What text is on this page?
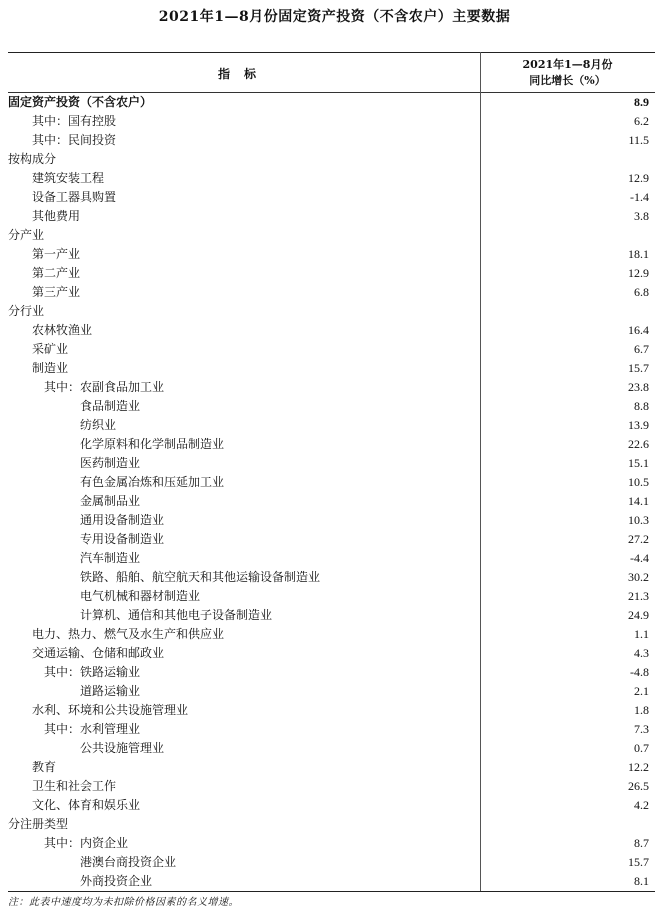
2021年1—8月份固定资产投资（不含农户）主要数据
指标
2021年1—8月份
同比增长（%）
固定资产投资（不含农户）	8.9
其中： 国有控股	6.2
其中： 民间投资	11.5
按构成分
建筑安装工程	12.9
设备工器具购置	-1.4
其他费用	3.8
分产业
第一产业	18.1
第二产业	12.9
第三产业	6.8
分行业
农林牧渔业	16.4
采矿业	6.7
制造业	15.7
其中： 农副食品加工业	23.8
食品制造业	8.8
纺织业	13.9
化学原料和化学制品制造业	22.6
医药制造业	15.1
有色金属冶炼和压延加工业	10.5
金属制品业	14.1
通用设备制造业	10.3
专用设备制造业	27.2
汽车制造业	-4.4
铁路、船舶、航空航天和其他运输设备制造业	30.2
电气机械和器材制造业	21.3
计算机、通信和其他电子设备制造业	24.9
电力、热力、燃气及水生产和供应业	1.1
交通运输、仓储和邮政业	4.3
其中： 铁路运输业	-4.8
道路运输业	2.1
水利、环境和公共设施管理业	1.8
其中： 水利管理业	7.3
公共设施管理业	0.7
教育	12.2
卫生和社会工作	26.5
文化、体育和娱乐业	4.2
分注册类型
其中： 内资企业	8.7
港澳台商投资企业	15.7
外商投资企业	8.1
注：此表中速度均为未扣除价格因素的名义增速。
